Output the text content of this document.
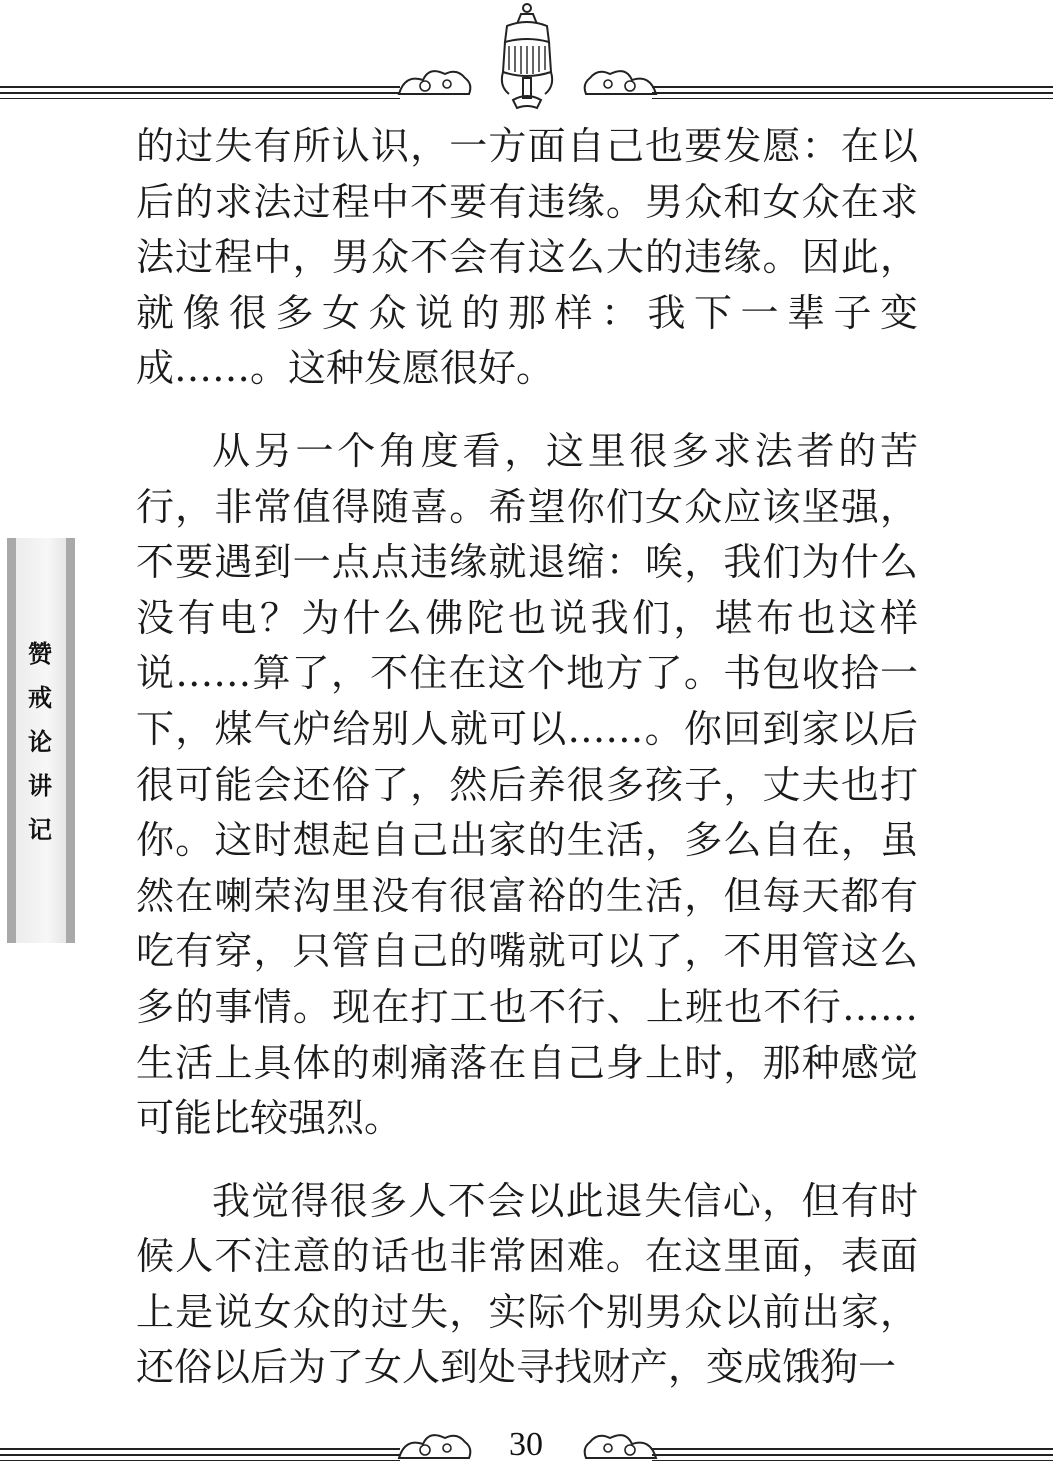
赞
戒
论
讲
记

的过失有所认识，一方面自己也要发愿：在以后的求法过程中不要有违缘。男众和女众在求法过程中，男众不会有这么大的违缘。因此，就像很多女众说的那样：我下一辈子变成……。这种发愿很好。

从另一个角度看，这里很多求法者的苦行，非常值得随喜。希望你们女众应该坚强，不要遇到一点点违缘就退缩：唉，我们为什么没有电？为什么佛陀也说我们，堪布也这样说……算了，不住在这个地方了。书包收拾一下，煤气炉给别人就可以……。你回到家以后很可能会还俗了，然后养很多孩子，丈夫也打你。这时想起自己出家的生活，多么自在，虽然在喇荣沟里没有很富裕的生活，但每天都有吃有穿，只管自己的嘴就可以了，不用管这么多的事情。现在打工也不行、上班也不行……生活上具体的刺痛落在自己身上时，那种感觉可能比较强烈。

我觉得很多人不会以此退失信心，但有时候人不注意的话也非常困难。在这里面，表面上是说女众的过失，实际个别男众以前出家，还俗以后为了女人到处寻找财产，变成饿狗一

30
